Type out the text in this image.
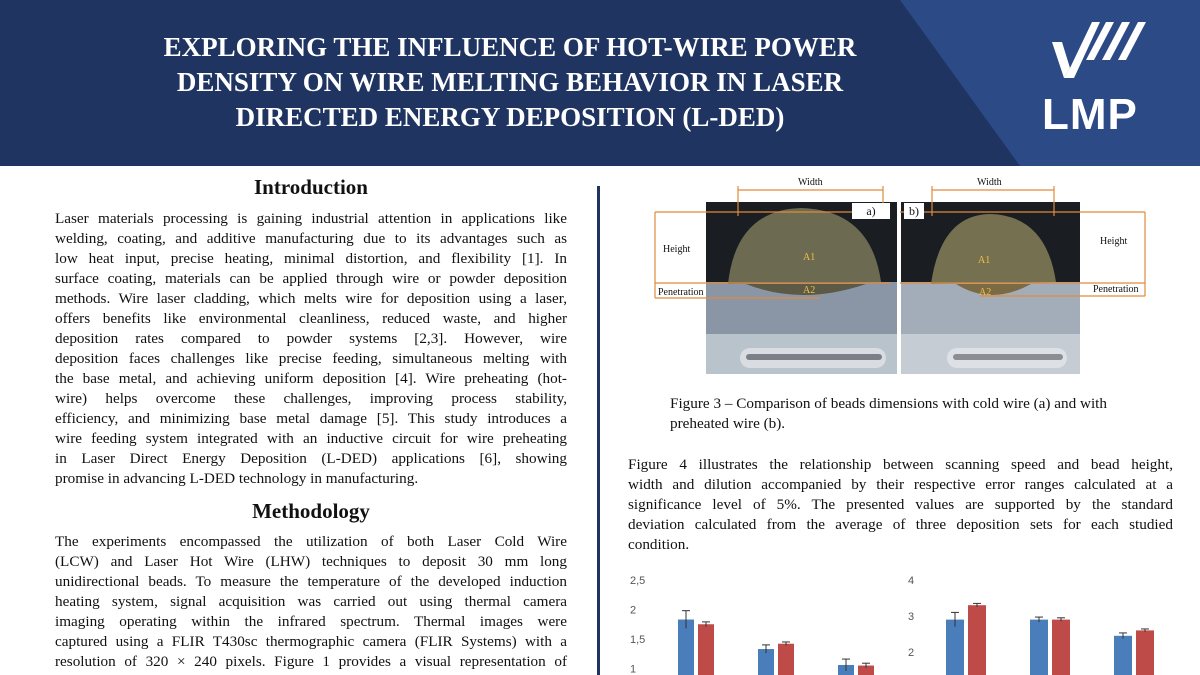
EXPLORING THE INFLUENCE OF HOT-WIRE POWER
DENSITY ON WIRE MELTING BEHAVIOR IN LASER
DIRECTED ENERGY DEPOSITION (L-DED)	LMP
Introduction
Laser materials processing is gaining industrial attention in applications like
welding, coating, and additive manufacturing due to its advantages such as
low heat input, precise heating, minimal distortion, and flexibility [1]. In
surface coating, materials can be applied through wire or powder deposition
methods. Wire laser cladding, which melts wire for deposition using a laser,
offers benefits like environmental cleanliness, reduced waste, and higher
deposition rates compared to powder systems [2,3]. However, wire
deposition faces challenges like precise feeding, simultaneous melting with
the base metal, and achieving uniform deposition [4]. Wire preheating (hot-
wire) helps overcome these challenges, improving process stability,
efficiency, and minimizing base metal damage [5]. This study introduces a
wire feeding system integrated with an inductive circuit for wire preheating
in Laser Direct Energy Deposition (L-DED) applications [6], showing
promise in advancing L-DED technology in manufacturing.
Methodology
The experiments encompassed the utilization of both Laser Cold Wire
(LCW) and Laser Hot Wire (LHW) techniques to deposit 30 mm long
unidirectional beads. To measure the temperature of the developed induction
heating system, signal acquisition was carried out using thermal camera
imaging operating within the infrared spectrum. Thermal images were
captured using a FLIR T430sc thermographic camera (FLIR Systems) with a
resolution of 320 × 240 pixels. Figure 1 provides a visual representation of
Width	Width
Height
Height
Penetration	Penetration
A1
A2
A1
A2
a)	b)
Figure 3 – Comparison of beads dimensions with cold wire (a) and with
preheated wire (b).
Figure 4 illustrates the relationship between scanning speed and bead height,
width and dilution accompanied by their respective error ranges calculated at a
significance level of 5%. The presented values are supported by the standard
deviation calculated from the average of three deposition sets for each studied
condition.
2,5
2
1,5
1
4
3
2
